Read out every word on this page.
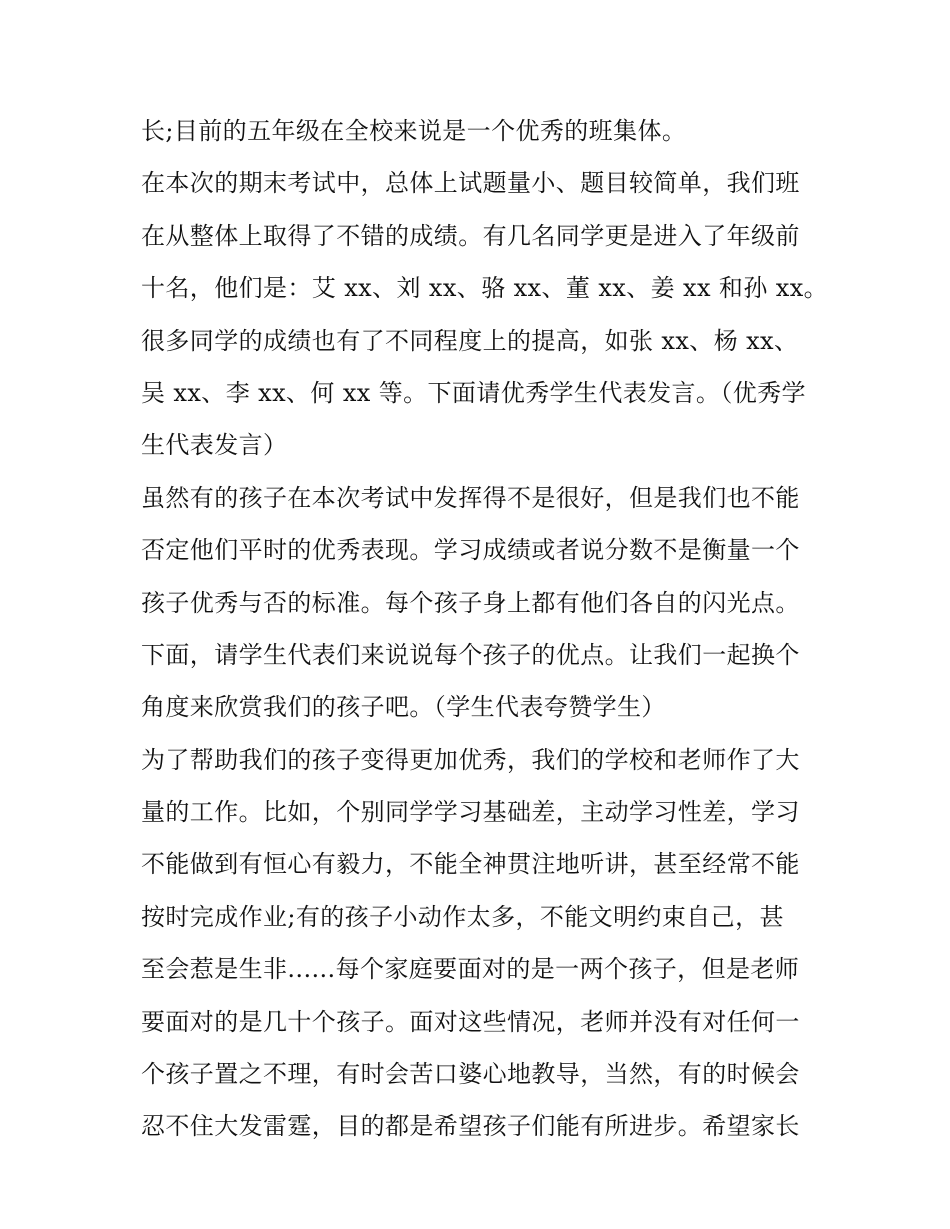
长;目前的五年级在全校来说是一个优秀的班集体。
在本次的期末考试中，总体上试题量小、题目较简单，我们班
在从整体上取得了不错的成绩。有几名同学更是进入了年级前
十名，他们是：艾 xx、刘 xx、骆 xx、董 xx、姜 xx 和孙 xx。
很多同学的成绩也有了不同程度上的提高，如张 xx、杨 xx、
吴 xx、李 xx、何 xx 等。下面请优秀学生代表发言。（优秀学
生代表发言）
虽然有的孩子在本次考试中发挥得不是很好，但是我们也不能
否定他们平时的优秀表现。学习成绩或者说分数不是衡量一个
孩子优秀与否的标准。每个孩子身上都有他们各自的闪光点。
下面，请学生代表们来说说每个孩子的优点。让我们一起换个
角度来欣赏我们的孩子吧。（学生代表夸赞学生）
为了帮助我们的孩子变得更加优秀，我们的学校和老师作了大
量的工作。比如，个别同学学习基础差，主动学习性差，学习
不能做到有恒心有毅力，不能全神贯注地听讲，甚至经常不能
按时完成作业;有的孩子小动作太多，不能文明约束自己，甚
至会惹是生非......每个家庭要面对的是一两个孩子，但是老师
要面对的是几十个孩子。面对这些情况，老师并没有对任何一
个孩子置之不理，有时会苦口婆心地教导，当然，有的时候会
忍不住大发雷霆，目的都是希望孩子们能有所进步。希望家长
